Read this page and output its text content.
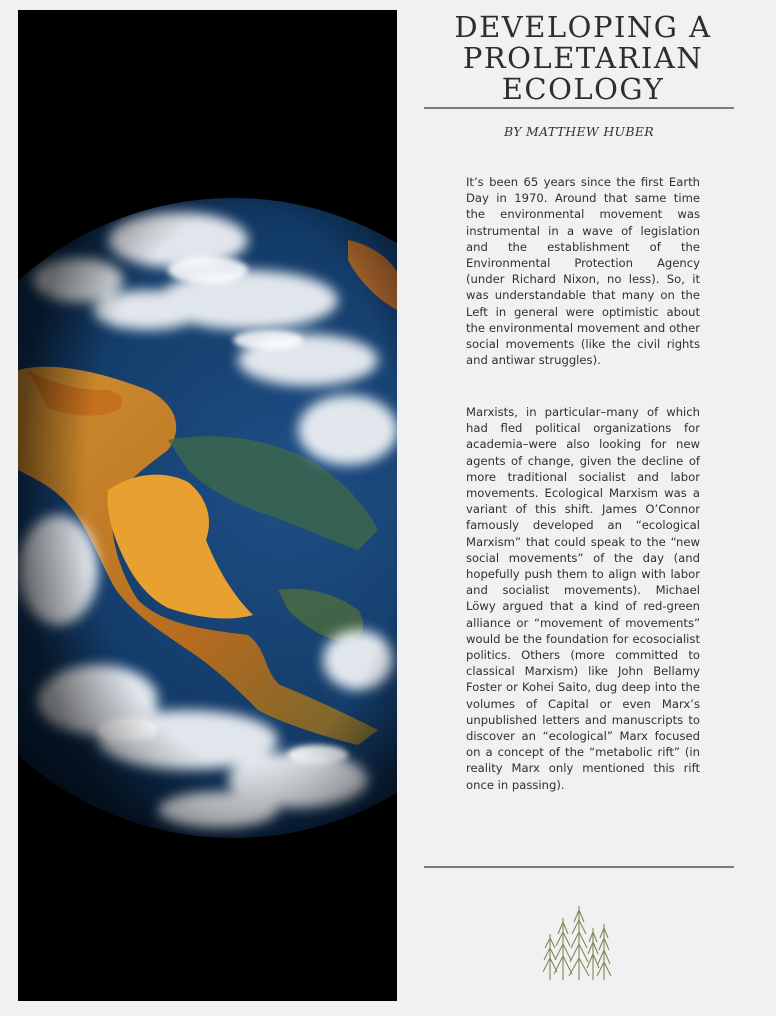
DEVELOPING A
PROLETARIAN
ECOLOGY
BY MATTHEW HUBER

It’s been 65 years since the first Earth Day in 1970. Around that same time the environmental movement was instrumental in a wave of legislation and the establishment of the Environmental Protection Agency (under Richard Nixon, no less). So, it was understandable that many on the Left in general were optimistic about the environmental movement and other social movements (like the civil rights and antiwar struggles).

Marxists, in particular–many of which had fled political organizations for academia–were also looking for new agents of change, given the decline of more traditional socialist and labor movements. Ecological Marxism was a variant of this shift. James O’Connor famously developed an “ecological Marxism” that could speak to the “new social movements” of the day (and hopefully push them to align with labor and socialist movements). Michael Löwy argued that a kind of red-green alliance or “movement of movements” would be the foundation for ecosocialist politics. Others (more committed to classical Marxism) like John Bellamy Foster or Kohei Saito, dug deep into the volumes of Capital or even Marx’s unpublished letters and manuscripts to discover an “ecological” Marx focused on a concept of the “metabolic rift” (in reality Marx only mentioned this rift once in passing).
